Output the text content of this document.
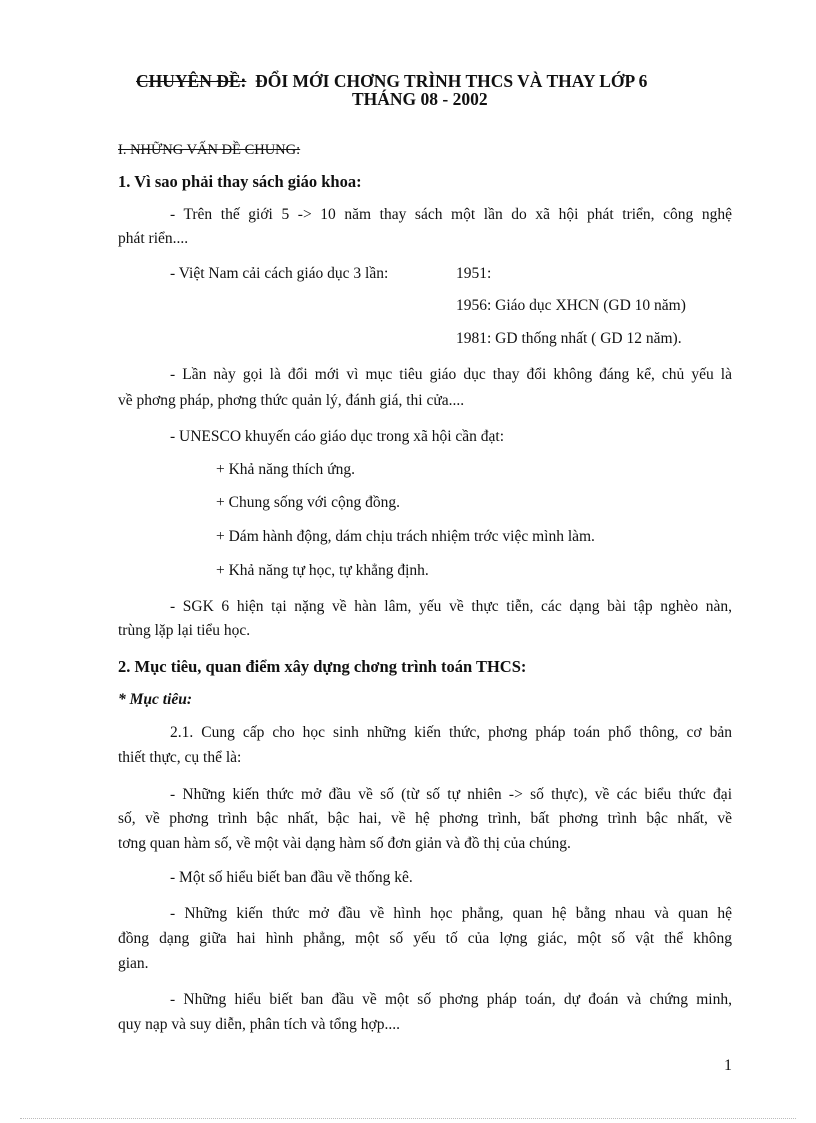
CHUYÊN ĐỀ: ĐỔI MỚI CHƠNG TRÌNH THCS VÀ THAY LỚP 6
THÁNG 08 - 2002
I. NHỮNG VẤN ĐỀ CHUNG:
1. Vì sao phải thay sách giáo khoa:
- Trên thế giới 5 -> 10 năm thay sách một lần do xã hội phát triển, công nghệ
phát riển....
- Việt Nam cải cách giáo dục 3 lần:	1951:
1956: Giáo dục XHCN (GD 10 năm)
1981: GD thống nhất ( GD 12 năm).
- Lần này gọi là đổi mới vì mục tiêu giáo dục thay đổi không đáng kể, chủ yếu là
về phơng pháp, phơng thức quản lý, đánh giá, thi cửa....
- UNESCO khuyến cáo giáo dục trong xã hội cần đạt:
+ Khả năng thích ứng.
+ Chung sống với cộng đồng.
+ Dám hành động, dám chịu trách nhiệm trớc việc mình làm.
+ Khả năng tự học, tự khẳng định.
- SGK 6 hiện tại nặng về hàn lâm, yếu về thực tiễn, các dạng bài tập nghèo nàn,
trùng lặp lại tiểu học.
2. Mục tiêu, quan điểm xây dựng chơng trình toán THCS:
* Mục tiêu:
2.1. Cung cấp cho học sinh những kiến thức, phơng pháp toán phổ thông, cơ bản
thiết thực, cụ thể là:
- Những kiến thức mở đầu về số (từ số tự nhiên -> số thực), về các biểu thức đại
số, về phơng trình bậc nhất, bậc hai, về hệ phơng trình, bất phơng trình bậc nhất, về
tơng quan hàm số, về một vài dạng hàm số đơn giản và đồ thị của chúng.
- Một số hiểu biết ban đầu về thống kê.
- Những kiến thức mở đầu về hình học phẳng, quan hệ bằng nhau và quan hệ
đồng dạng giữa hai hình phẳng, một số yếu tố của lợng giác, một số vật thể không
gian.
- Những hiểu biết ban đầu về một số phơng pháp toán, dự đoán và chứng minh,
quy nạp và suy diễn, phân tích và tổng hợp....
1
